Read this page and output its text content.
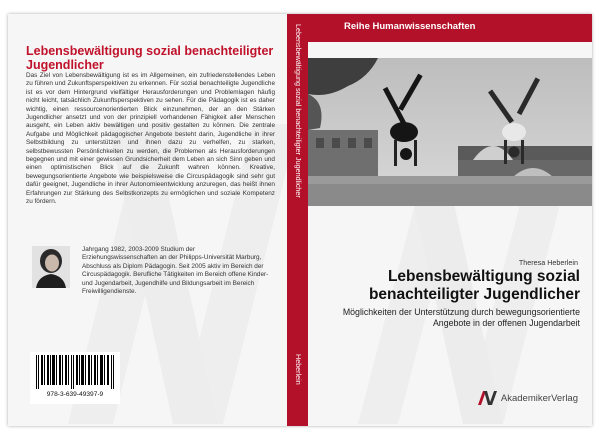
Lebensbewältigung sozial benachteiligter Jugendlicher

Das Ziel von Lebensbewältigung ist es im Allgemeinen, ein zufriedenstellendes Leben zu führen und Zukunftsperspektiven zu erkennen. Für sozial benachteiligte Jugendliche ist es vor dem Hintergrund vielfältiger Herausforderungen und Problemlagen häufig nicht leicht, tatsächlich Zukunftsperspektiven zu sehen. Für die Pädagogik ist es daher wichtig, einen ressourcenorientierten Blick einzunehmen, der an den Stärken Jugendlicher ansetzt und von der prinzipiell vorhandenen Fähigkeit aller Menschen ausgeht, ein Leben aktiv bewältigen und positiv gestalten zu können. Die zentrale Aufgabe und Möglichkeit pädagogischer Angebote besteht darin, Jugendliche in ihrer Selbstbildung zu unterstützen und ihnen dazu zu verhelfen, zu starken, selbstbewussten Persönlichkeiten zu werden, die Problemen als Herausforderungen begegnen und mit einer gewissen Grundsicherheit dem Leben an sich Sinn geben und einen optimistischen Blick auf die Zukunft wahren können. Kreative, bewegungsorientierte Angebote wie beispielsweise die Circuspädagogik sind sehr gut dafür geeignet, Jugendliche in ihrer Autonomieentwicklung anzuregen, das heißt ihnen Erfahrungen zur Stärkung des Selbstkonzepts zu ermöglichen und soziale Kompetenz zu fördern.

Jahrgang 1982, 2003-2009 Studium der Erziehungswissenschaften an der Philipps-Universität Marburg, Abschluss als Diplom Pädagogin. Seit 2005 aktiv im Bereich der Circuspädagogik. Berufliche Tätigkeiten im Bereich offene Kinder- und Jugendarbeit, Jugendhilfe und Bildungsarbeit im Bereich Freiwilligendienste.

978-3-639-49397-9
Lebensbewältigung sozial benachteiligter Jugendlicher
Heberlein
Reihe Humanwissenschaften
Theresa Heberlein
Lebensbewältigung sozial benachteiligter Jugendlicher

Möglichkeiten der Unterstützung durch bewegungsorientierte Angebote in der offenen Jugendarbeit

AkademikerVerlag
